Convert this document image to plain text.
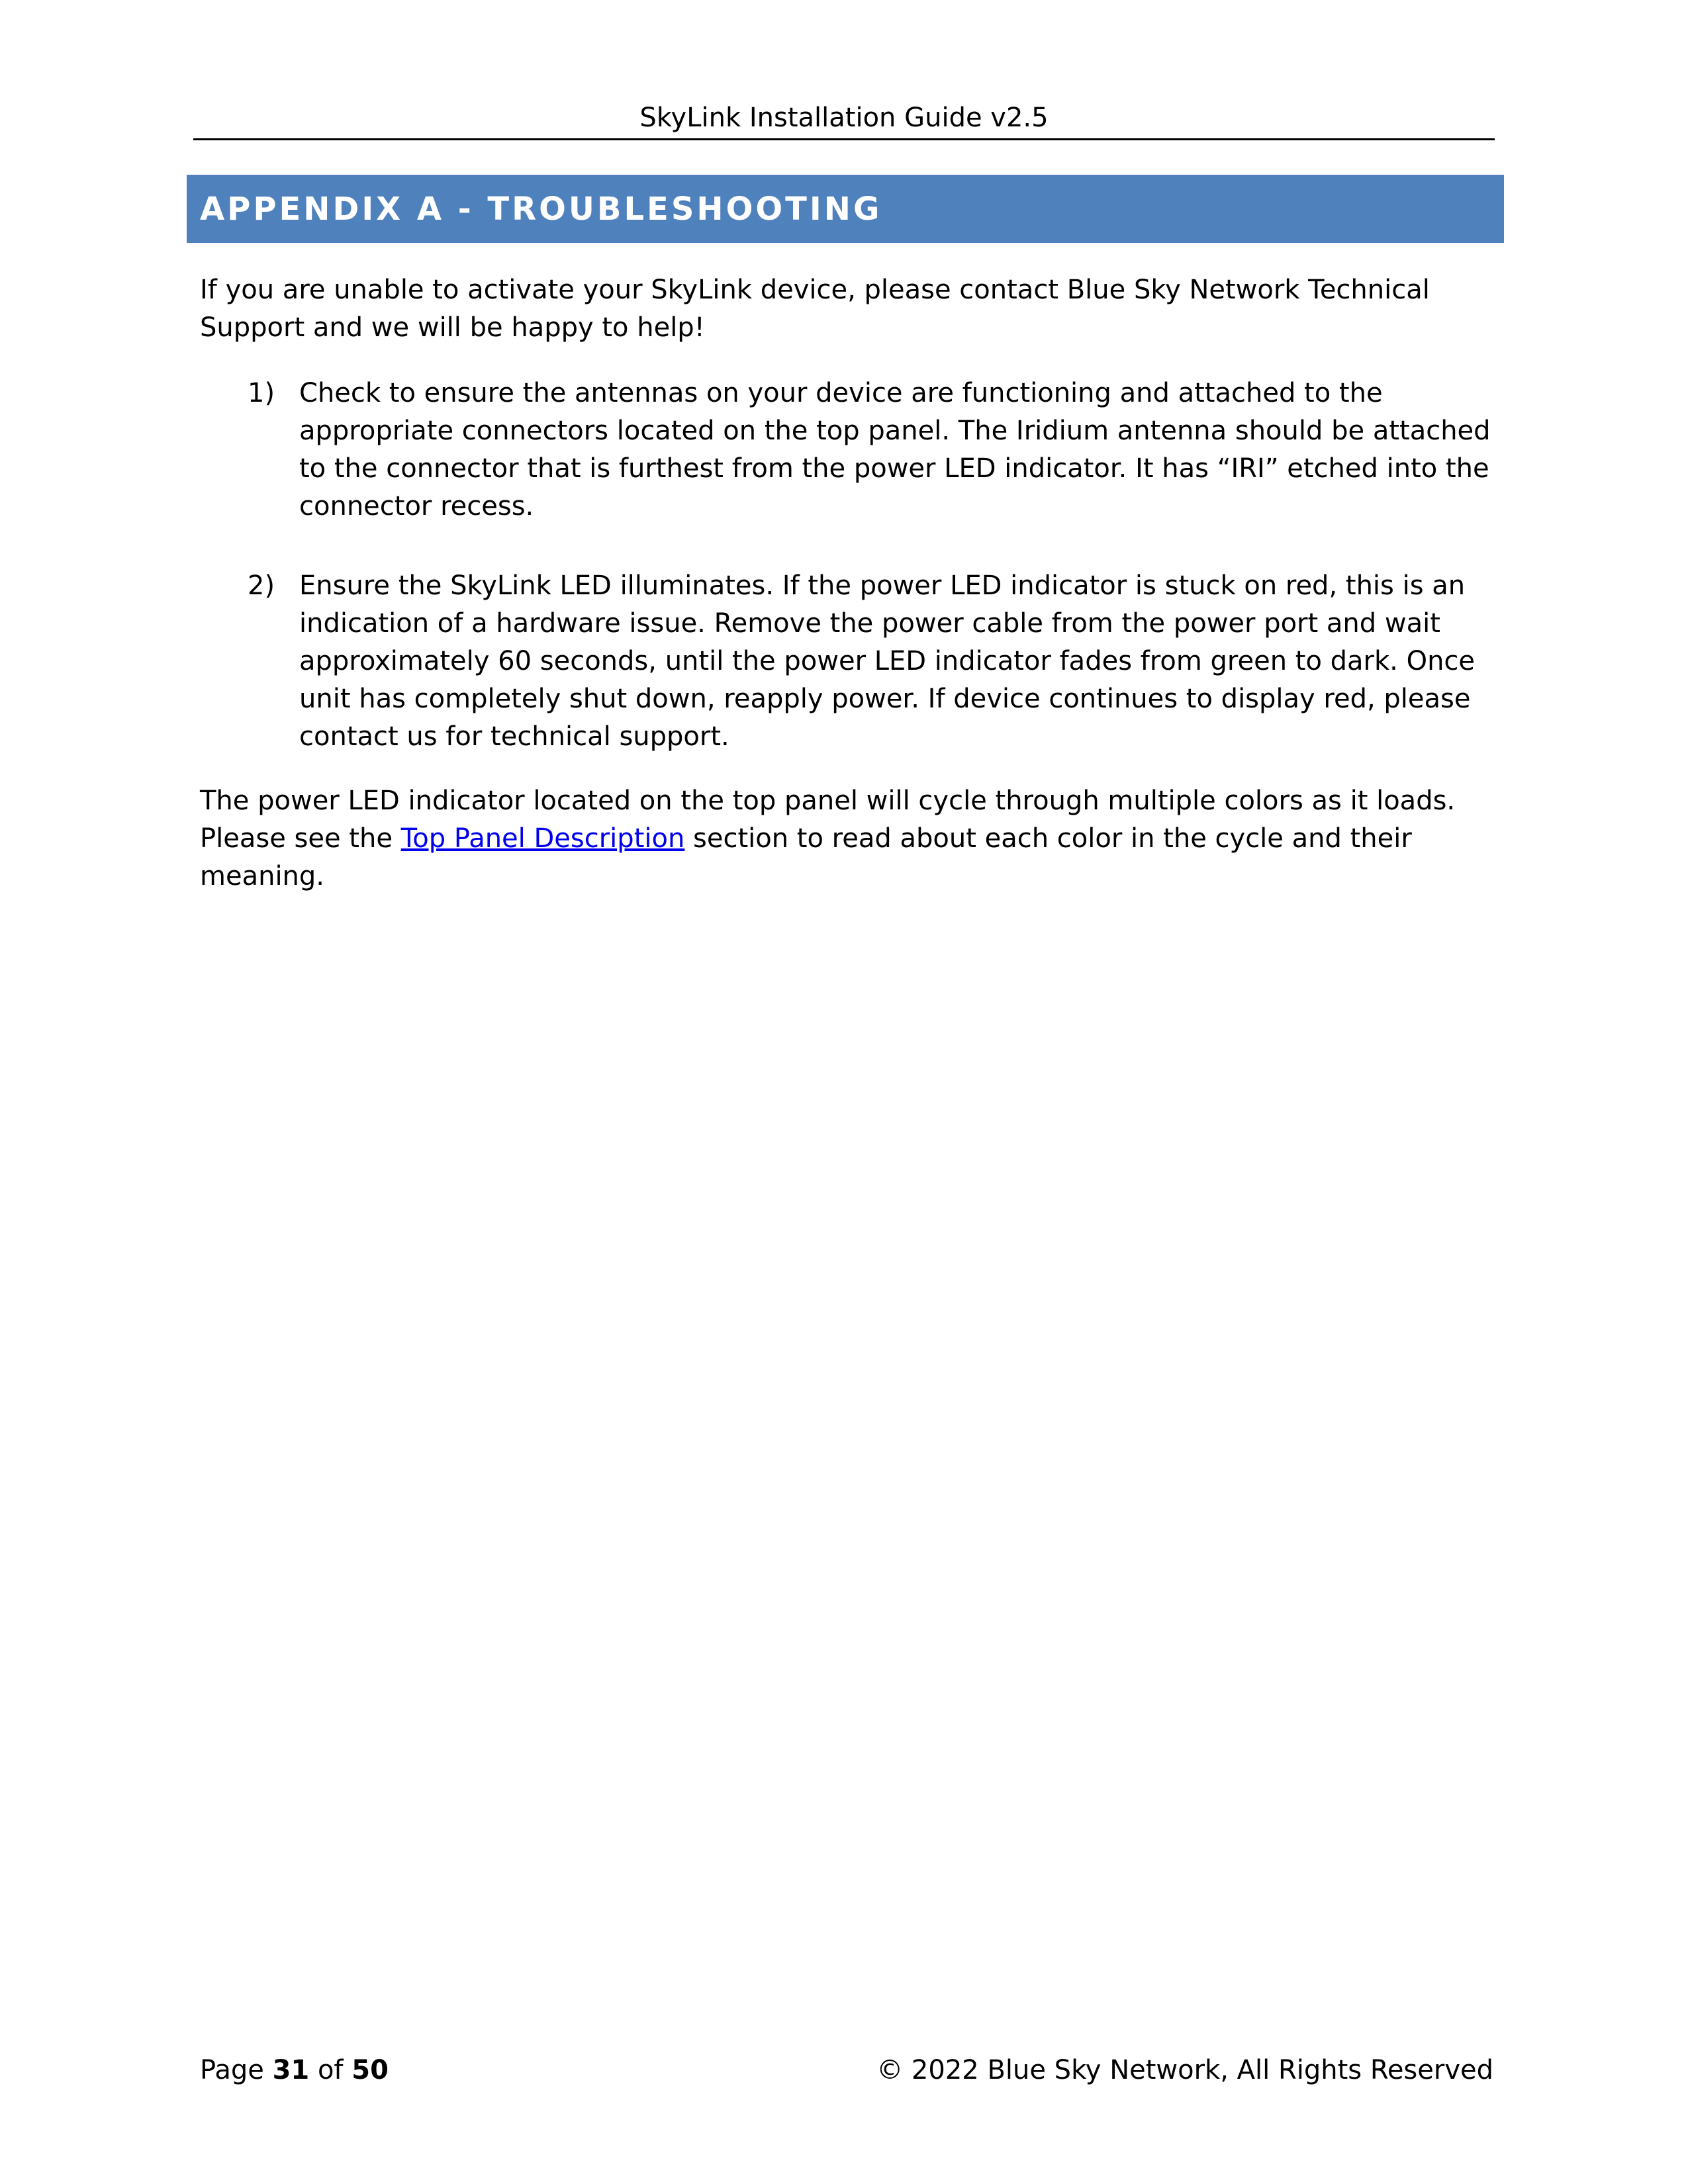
SkyLink Installation Guide v2.5
APPENDIX A - TROUBLESHOOTING

If you are unable to activate your SkyLink device, please contact Blue Sky Network Technical Support and we will be happy to help!

1) Check to ensure the antennas on your device are functioning and attached to the appropriate connectors located on the top panel. The Iridium antenna should be attached to the connector that is furthest from the power LED indicator. It has “IRI” etched into the connector recess.
2) Ensure the SkyLink LED illuminates. If the power LED indicator is stuck on red, this is an indication of a hardware issue. Remove the power cable from the power port and wait approximately 60 seconds, until the power LED indicator fades from green to dark. Once unit has completely shut down, reapply power. If device continues to display red, please contact us for technical support.

The power LED indicator located on the top panel will cycle through multiple colors as it loads. Please see the Top Panel Description section to read about each color in the cycle and their meaning.

Page 31 of 50	© 2022 Blue Sky Network, All Rights Reserved
